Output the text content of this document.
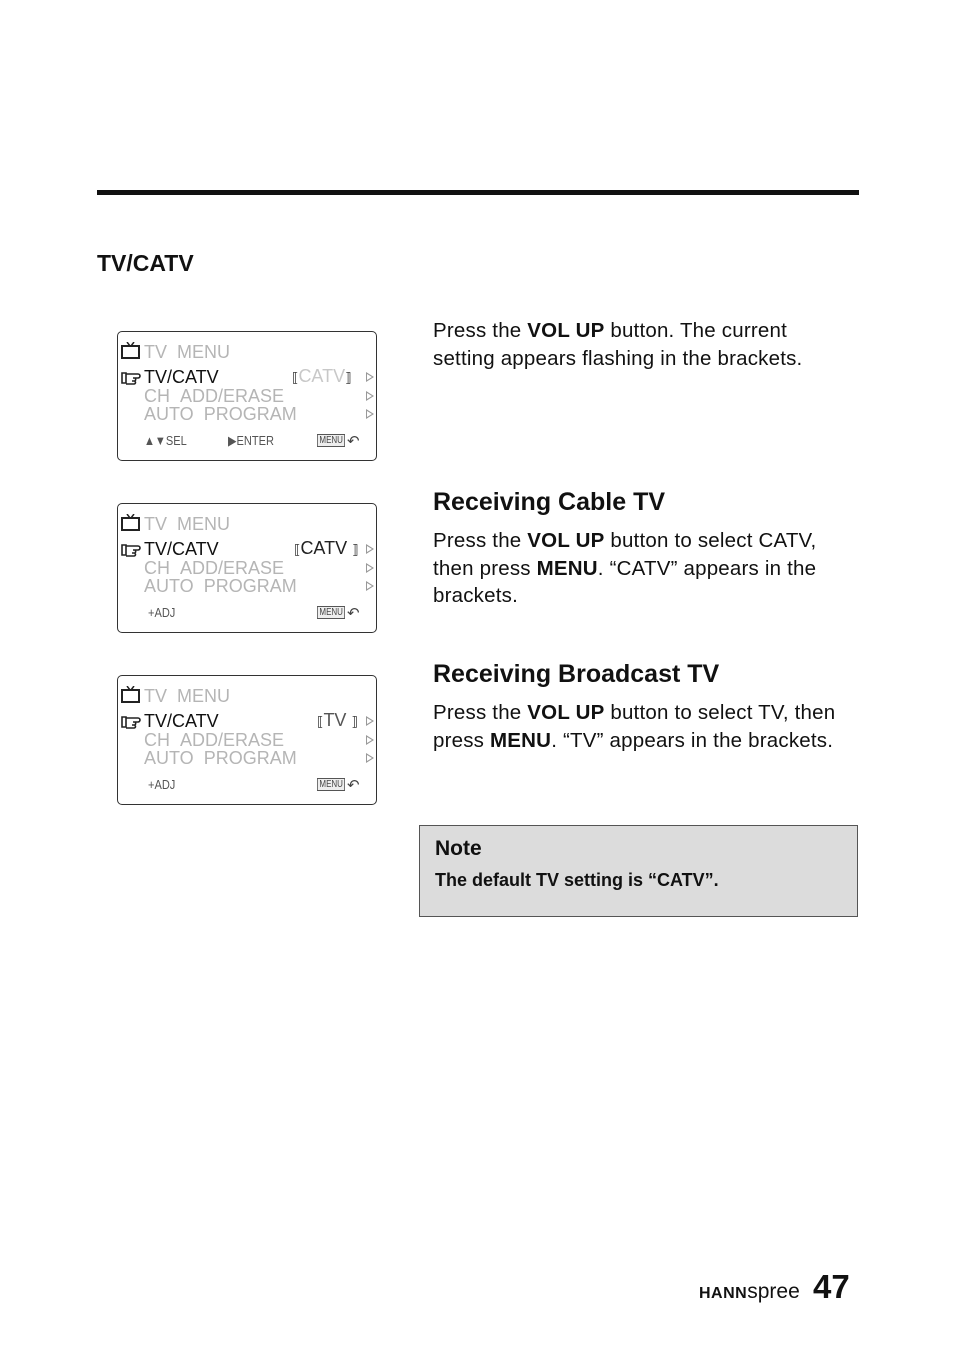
TV/CATV
TV MENU
TV/CATV
CH ADD/ERASE
AUTO PROGRAM
⟦CATV⟧
▲▼SEL	▶ENTER	MENU ↶
TV MENU
TV/CATV
CH ADD/ERASE
AUTO PROGRAM
⟦CATV ⟧
+ADJ	MENU ↶
TV MENU
TV/CATV
CH ADD/ERASE
AUTO PROGRAM
⟦TV ⟧
+ADJ	MENU ↶
Press the VOL UP button. The current setting appears flashing in the brackets.
Receiving Cable TV
Press the VOL UP button to select CATV, then press MENU. “CATV” appears in the brackets.
Receiving Broadcast TV
Press the VOL UP button to select TV, then press MENU. “TV” appears in the brackets.
Note
The default TV setting is “CATV”.
HANNspree 47
